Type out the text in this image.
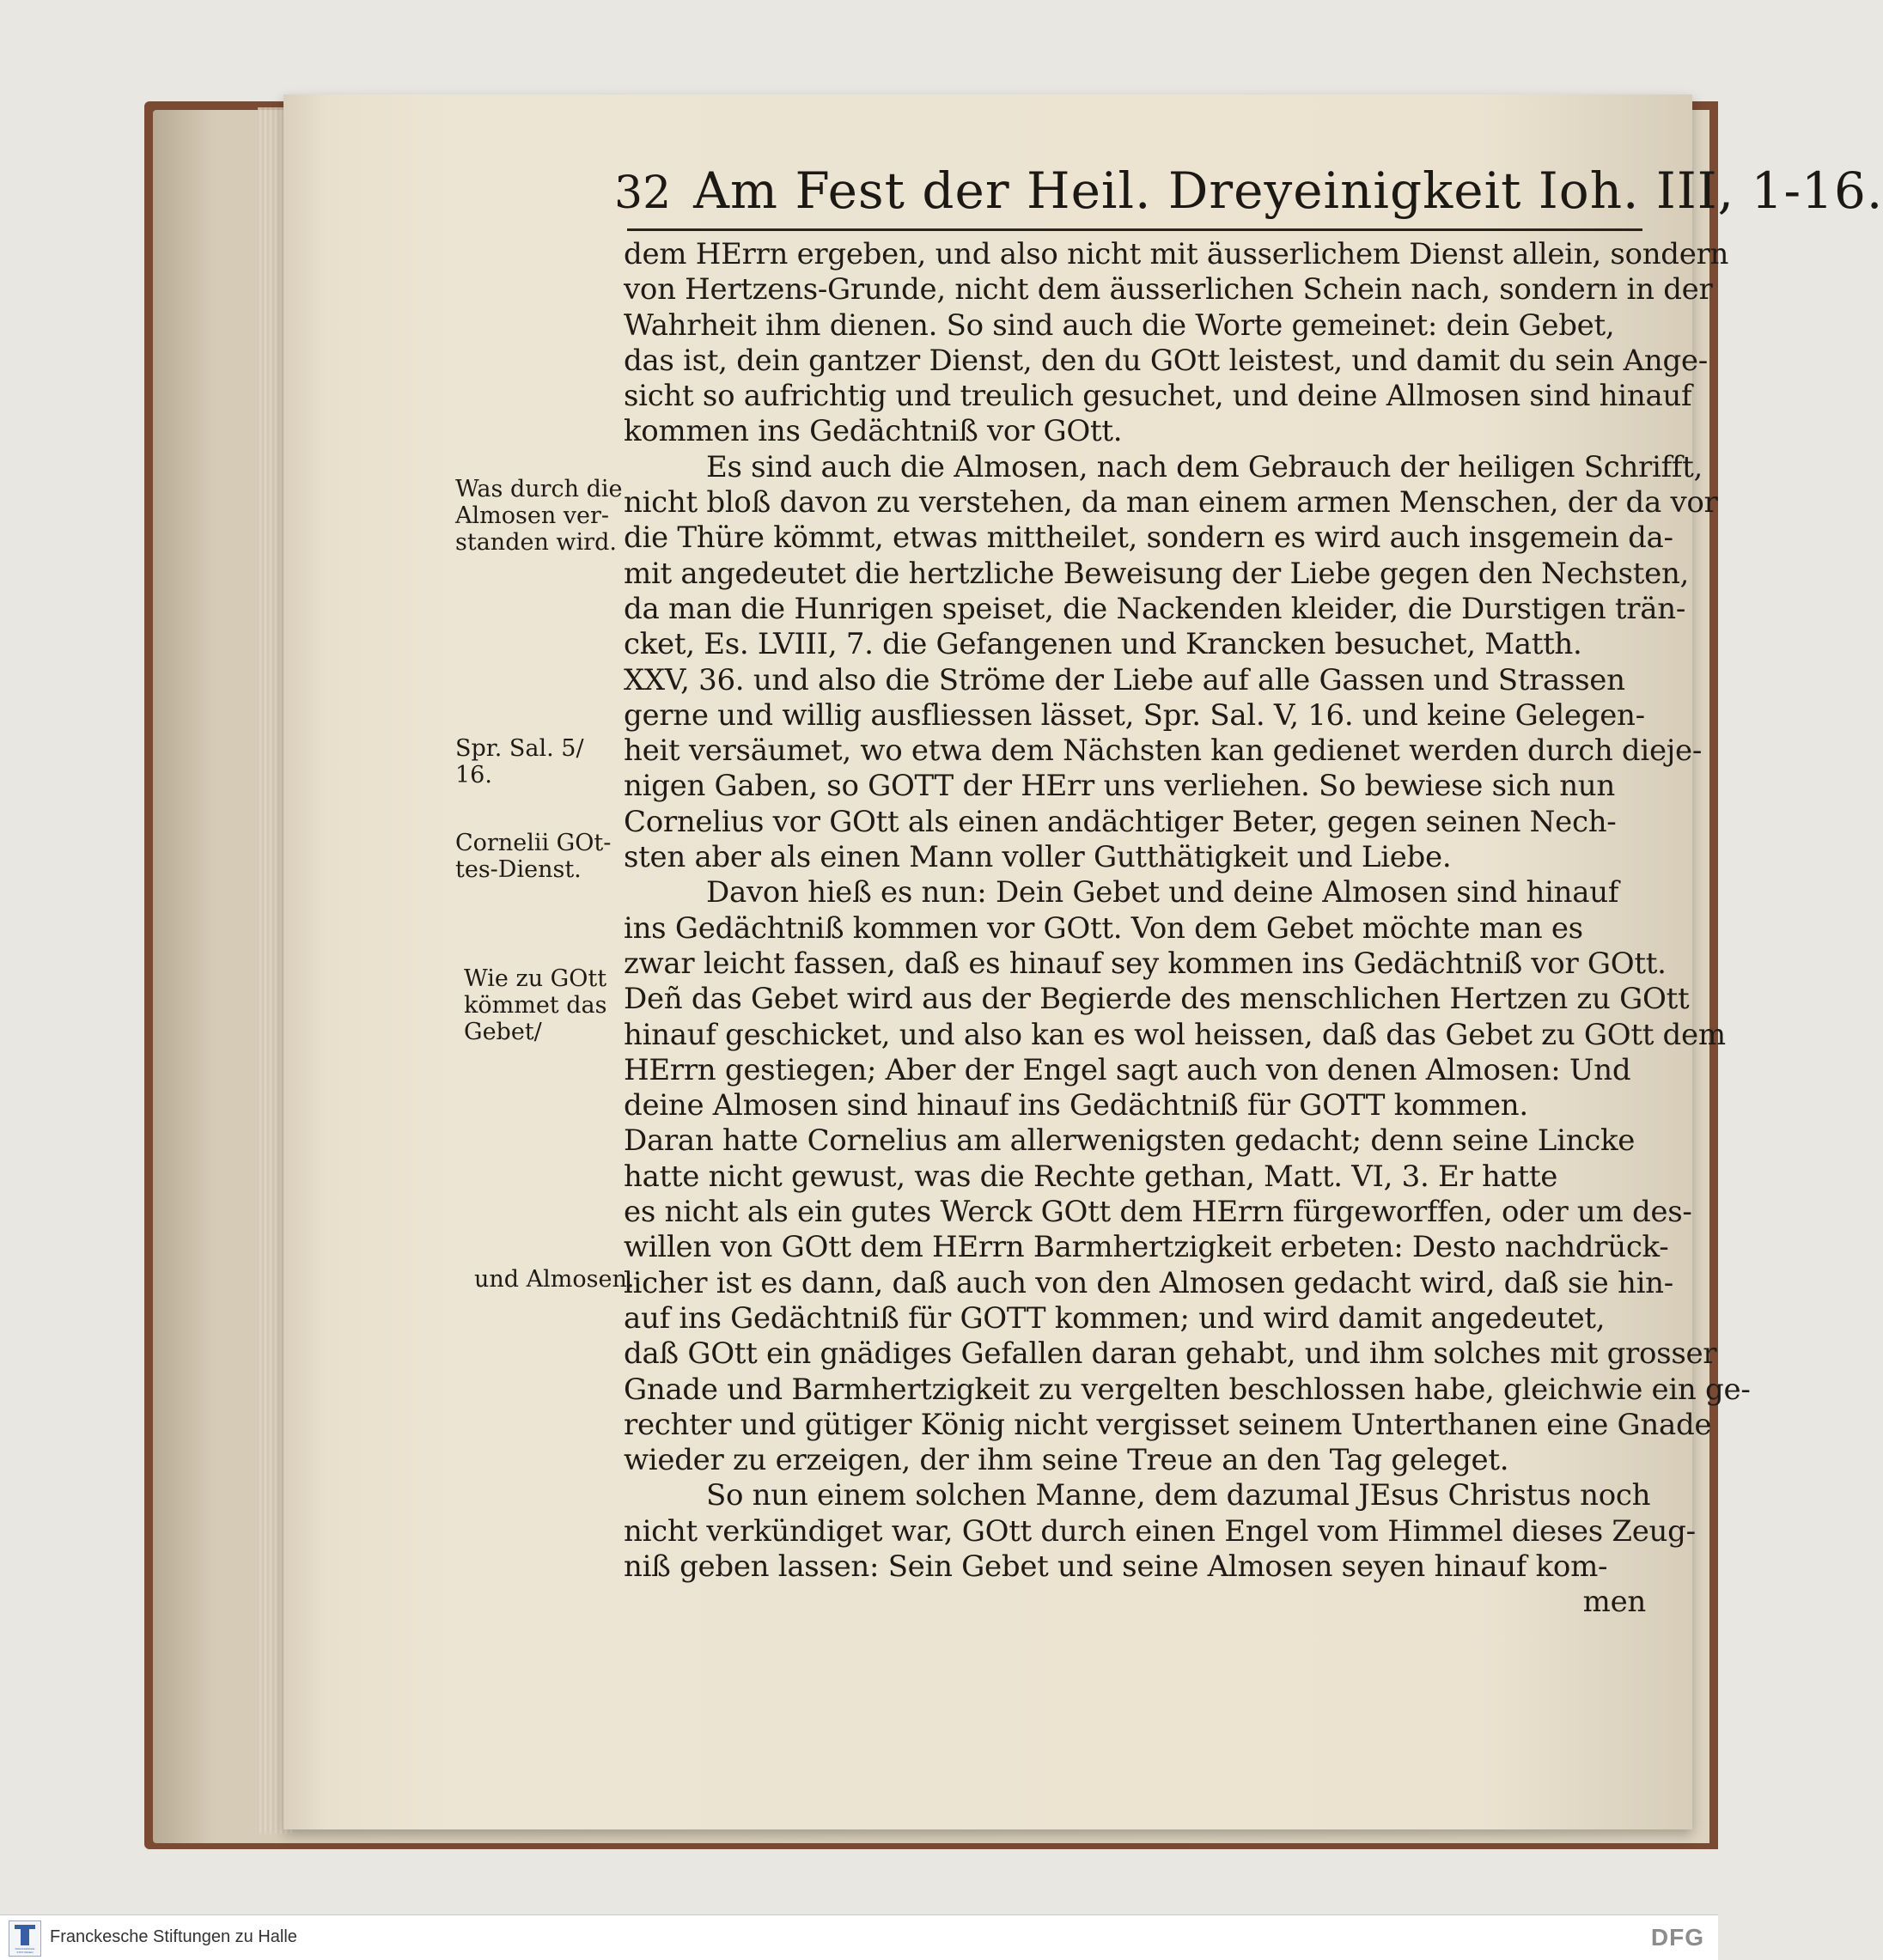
32 Am Fest der Heil. Dreyeinigkeit Ioh. III, 1-16.
dem HErrn ergeben, und also nicht mit äusserlichem Dienst allein, sondern
von Hertzens-Grunde, nicht dem äusserlichen Schein nach, sondern in der
Wahrheit ihm dienen. So sind auch die Worte gemeinet: dein Gebet,
das ist, dein gantzer Dienst, den du GOtt leistest, und damit du sein Ange-
sicht so aufrichtig und treulich gesuchet, und deine Allmosen sind hinauf
kommen ins Gedächtniß vor GOtt.
Es sind auch die Almosen, nach dem Gebrauch der heiligen Schrifft,
nicht bloß davon zu verstehen, da man einem armen Menschen, der da vor
die Thüre kömmt, etwas mittheilet, sondern es wird auch insgemein da-
mit angedeutet die hertzliche Beweisung der Liebe gegen den Nechsten,
da man die Hunrigen speiset, die Nackenden kleider, die Durstigen trän-
cket, Es. LVIII, 7. die Gefangenen und Krancken besuchet, Matth.
XXV, 36. und also die Ströme der Liebe auf alle Gassen und Strassen
gerne und willig ausfliessen lässet, Spr. Sal. V, 16. und keine Gelegen-
heit versäumet, wo etwa dem Nächsten kan gedienet werden durch dieje-
nigen Gaben, so GOTT der HErr uns verliehen. So bewiese sich nun
Cornelius vor GOtt als einen andächtiger Beter, gegen seinen Nech-
sten aber als einen Mann voller Gutthätigkeit und Liebe.
Davon hieß es nun: Dein Gebet und deine Almosen sind hinauf
ins Gedächtniß kommen vor GOtt. Von dem Gebet möchte man es
zwar leicht fassen, daß es hinauf sey kommen ins Gedächtniß vor GOtt.
Deñ das Gebet wird aus der Begierde des menschlichen Hertzen zu GOtt
hinauf geschicket, und also kan es wol heissen, daß das Gebet zu GOtt dem
HErrn gestiegen; Aber der Engel sagt auch von denen Almosen: Und
deine Almosen sind hinauf ins Gedächtniß für GOTT kommen.
Daran hatte Cornelius am allerwenigsten gedacht; denn seine Lincke
hatte nicht gewust, was die Rechte gethan, Matt. VI, 3. Er hatte
es nicht als ein gutes Werck GOtt dem HErrn fürgeworffen, oder um des-
willen von GOtt dem HErrn Barmhertzigkeit erbeten: Desto nachdrück-
licher ist es dann, daß auch von den Almosen gedacht wird, daß sie hin-
auf ins Gedächtniß für GOTT kommen; und wird damit angedeutet,
daß GOtt ein gnädiges Gefallen daran gehabt, und ihm solches mit grosser
Gnade und Barmhertzigkeit zu vergelten beschlossen habe, gleichwie ein ge-
rechter und gütiger König nicht vergisset seinem Unterthanen eine Gnade
wieder zu erzeigen, der ihm seine Treue an den Tag geleget.
So nun einem solchen Manne, dem dazumal JEsus Christus noch
nicht verkündiget war, GOtt durch einen Engel vom Himmel dieses Zeug-
niß geben lassen: Sein Gebet und seine Almosen seyen hinauf kom-
men
Was durch die
Almosen ver-
standen wird.
Spr. Sal. 5/
16.
Cornelii GOt-
tes-Dienst.
Wie zu GOtt
kömmet das
Gebet/
und Almosen.
FRANCKESCHE STIFTUNGEN
Franckesche Stiftungen zu Halle	DFG
